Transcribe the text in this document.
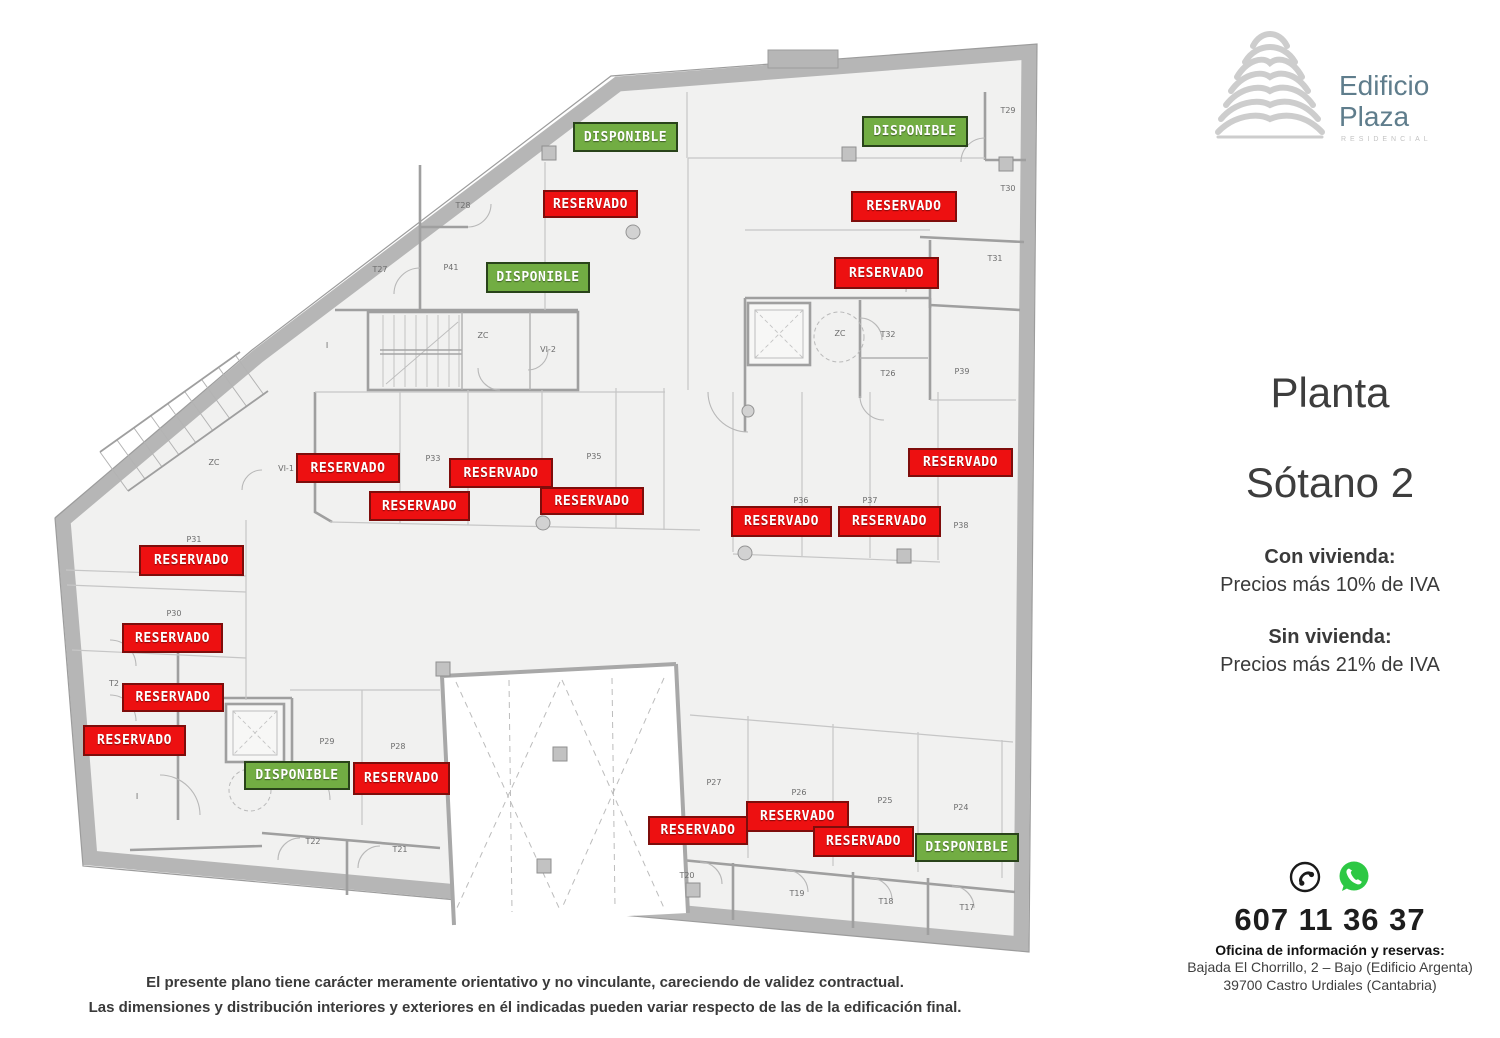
T29
T30
T31
T32
T26	P39
ZC
T28
T27	P41
I
ZC
VI-2
ZC
VI-1
P31
P30
T2
P33	P35
P36	P37
P38
P29
P28
P27
P26
P25
P24
T22
T21
T20
T19
T18
T17
I
DISPONIBLE
RESERVADO
DISPONIBLE
DISPONIBLE
RESERVADO
RESERVADO
RESERVADO	RESERVADO
RESERVADO	RESERVADO
RESERVADO
RESERVADO	RESERVADO
RESERVADO
RESERVADO
RESERVADO
RESERVADO
DISPONIBLE	RESERVADO
RESERVADO
RESERVADO
RESERVADO	DISPONIBLE
Edificio
Plaza
RESIDENCIAL
Planta
Sótano 2
Con vivienda:
Precios más 10% de IVA
Sin vivienda:
Precios más 21% de IVA
607 11 36 37
Oficina de información y reservas:
Bajada El Chorrillo, 2 – Bajo (Edificio Argenta)
39700 Castro Urdiales (Cantabria)
El presente plano tiene carácter meramente orientativo y no vinculante, careciendo de validez contractual.
Las dimensiones y distribución interiores y exteriores en él indicadas pueden variar respecto de las de la edificación final.
